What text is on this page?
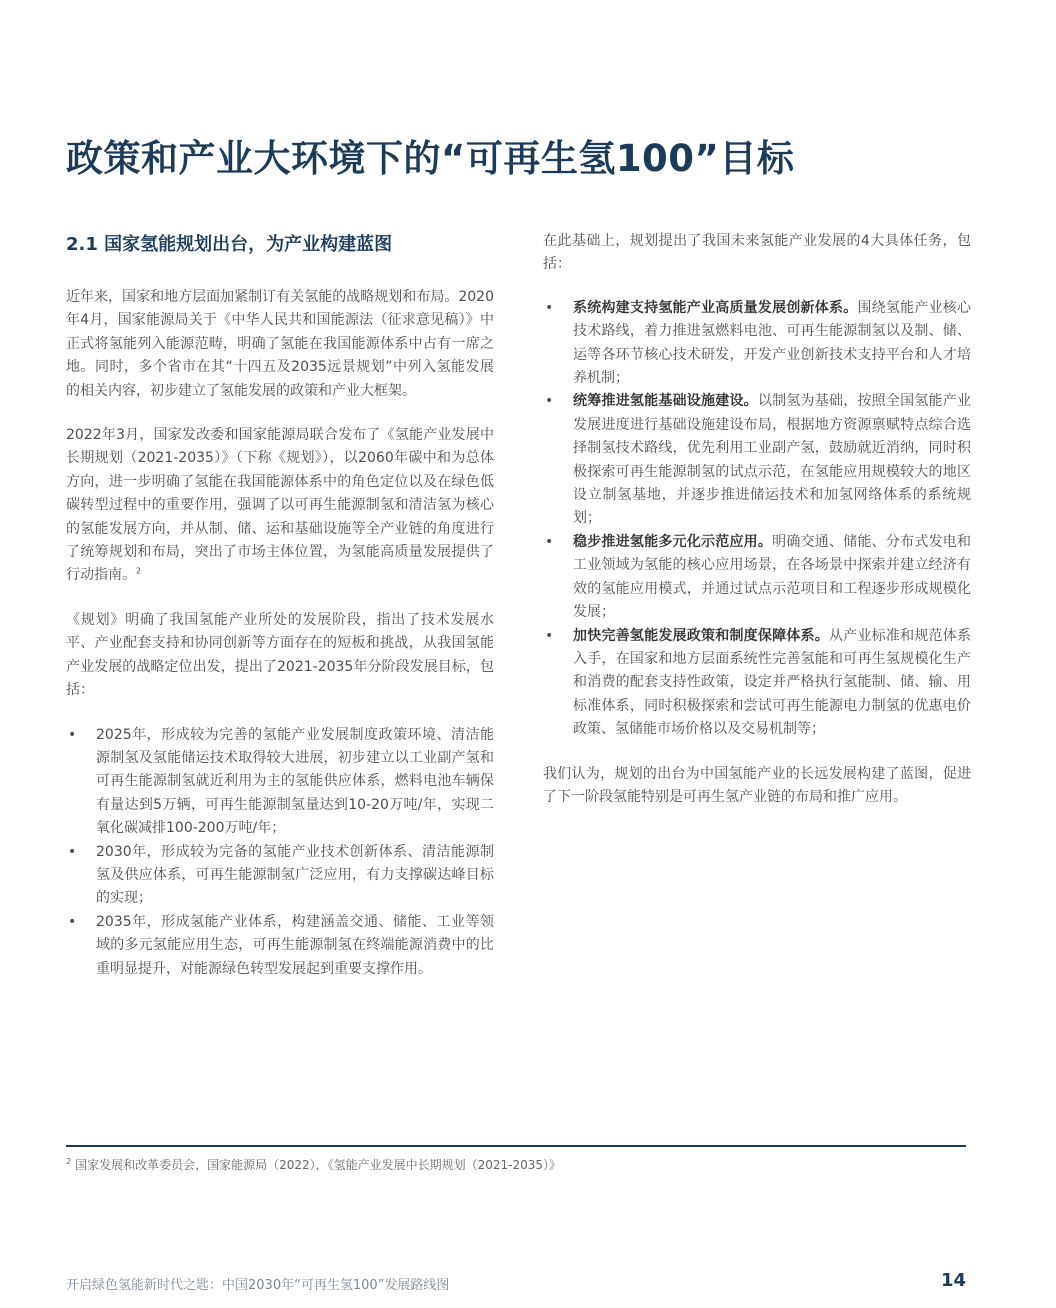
政策和产业大环境下的“可再生氢100”目标
2.1 国家氢能规划出台，为产业构建蓝图

近年来，国家和地方层面加紧制订有关氢能的战略规划和布局。2020年4月，国家能源局关于《中华人民共和国能源法（征求意见稿）》中正式将氢能列入能源范畴，明确了氢能在我国能源体系中占有一席之地。同时，多个省市在其“十四五及2035远景规划”中列入氢能发展的相关内容，初步建立了氢能发展的政策和产业大框架。

2022年3月，国家发改委和国家能源局联合发布了《氢能产业发展中长期规划（2021-2035）》（下称《规划》），以2060年碳中和为总体方向，进一步明确了氢能在我国能源体系中的角色定位以及在绿色低碳转型过程中的重要作用，强调了以可再生能源制氢和清洁氢为核心的氢能发展方向，并从制、储、运和基础设施等全产业链的角度进行了统筹规划和布局，突出了市场主体位置，为氢能高质量发展提供了行动指南。$^2$

《规划》明确了我国氢能产业所处的发展阶段，指出了技术发展水平、产业配套支持和协同创新等方面存在的短板和挑战，从我国氢能产业发展的战略定位出发，提出了2021-2035年分阶段发展目标，包括：

• 2025年，形成较为完善的氢能产业发展制度政策环境、清洁能源制氢及氢能储运技术取得较大进展，初步建立以工业副产氢和可再生能源制氢就近利用为主的氢能供应体系，燃料电池车辆保有量达到5万辆，可再生能源制氢量达到10-20万吨/年，实现二氧化碳减排100-200万吨/年；
• 2030年，形成较为完备的氢能产业技术创新体系、清洁能源制氢及供应体系，可再生能源制氢广泛应用，有力支撑碳达峰目标的实现；
• 2035年，形成氢能产业体系，构建涵盖交通、储能、工业等领域的多元氢能应用生态，可再生能源制氢在终端能源消费中的比重明显提升，对能源绿色转型发展起到重要支撑作用。

在此基础上，规划提出了我国未来氢能产业发展的4大具体任务，包括：

• 系统构建支持氢能产业高质量发展创新体系。围绕氢能产业核心技术路线，着力推进氢燃料电池、可再生能源制氢以及制、储、运等各环节核心技术研发，开发产业创新技术支持平台和人才培养机制；
• 统筹推进氢能基础设施建设。以制氢为基础，按照全国氢能产业发展进度进行基础设施建设布局，根据地方资源禀赋特点综合选择制氢技术路线，优先利用工业副产氢，鼓励就近消纳，同时积极探索可再生能源制氢的试点示范，在氢能应用规模较大的地区设立制氢基地，并逐步推进储运技术和加氢网络体系的系统规划；
• 稳步推进氢能多元化示范应用。明确交通、储能、分布式发电和工业领域为氢能的核心应用场景，在各场景中探索并建立经济有效的氢能应用模式，并通过试点示范项目和工程逐步形成规模化发展；
• 加快完善氢能发展政策和制度保障体系。从产业标准和规范体系入手，在国家和地方层面系统性完善氢能和可再生氢规模化生产和消费的配套支持性政策，设定并严格执行氢能制、储、输、用标准体系，同时积极探索和尝试可再生能源电力制氢的优惠电价政策、氢储能市场价格以及交易机制等；

我们认为，规划的出台为中国氢能产业的长远发展构建了蓝图，促进了下一阶段氢能特别是可再生氢产业链的布局和推广应用。

$^2$ 国家发展和改革委员会，国家能源局（2022），《氢能产业发展中长期规划（2021-2035）》
开启绿色氢能新时代之匙：中国2030年“可再生氢100”发展路线图	14
